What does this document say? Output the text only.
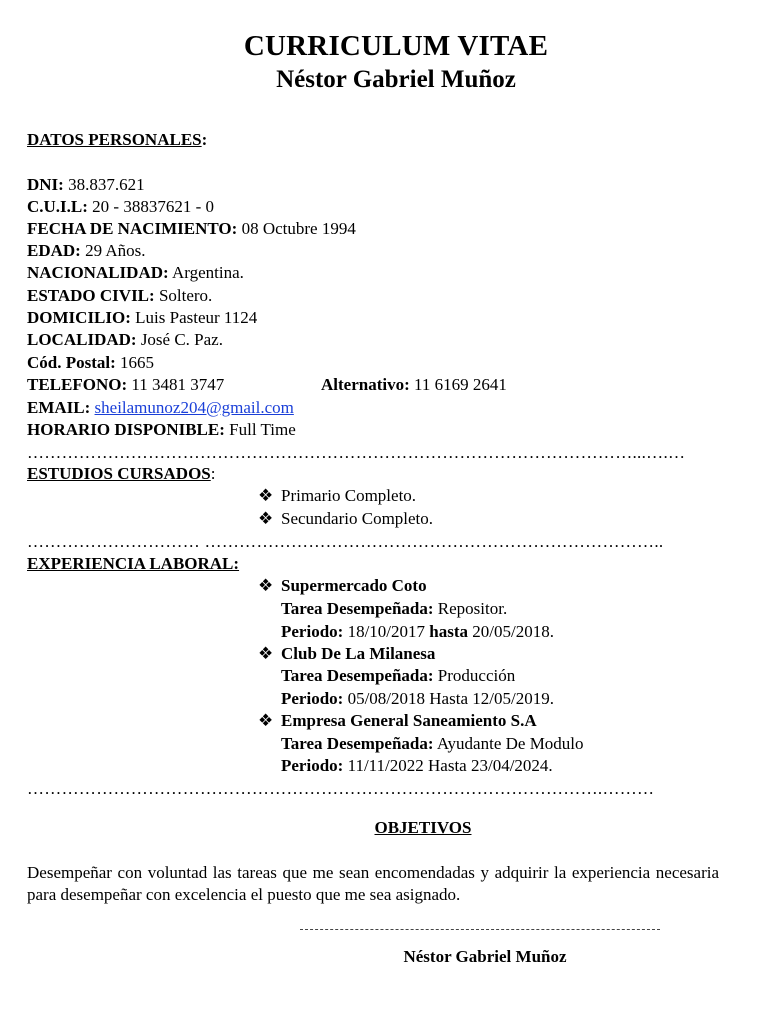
CURRICULUM VITAE
Néstor Gabriel Muñoz
DATOS PERSONALES:
DNI: 38.837.621
C.U.I.L: 20 - 38837621 - 0
FECHA DE NACIMIENTO: 08 Octubre 1994
EDAD: 29 Años.
NACIONALIDAD: Argentina.
ESTADO CIVIL: Soltero.
DOMICILIO: Luis Pasteur 1124
LOCALIDAD: José C. Paz.
Cód. Postal: 1665
TELEFONO: 11 3481 3747	Alternativo: 11 6169 2641
EMAIL: sheilamunoz204@gmail.com
HORARIO DISPONIBLE: Full Time
……………………………………………………………………………………………...….…
ESTUDIOS CURSADOS:
❖ Primario Completo.
❖ Secundario Completo.
………………………… ……………………………………………………………………..
EXPERIENCIA LABORAL:
❖ Supermercado Coto
Tarea Desempeñada: Repositor.
Periodo: 18/10/2017 hasta 20/05/2018.
❖ Club De La Milanesa
Tarea Desempeñada: Producción
Periodo: 05/08/2018 Hasta 12/05/2019.
❖ Empresa General Saneamiento S.A
Tarea Desempeñada: Ayudante De Modulo
Periodo: 11/11/2022 Hasta 23/04/2024.
……………………………………………………………………………………….………
OBJETIVOS
Desempeñar con voluntad las tareas que me sean encomendadas y adquirir la experiencia necesaria para desempeñar con excelencia el puesto que me sea asignado.
Néstor Gabriel Muñoz
